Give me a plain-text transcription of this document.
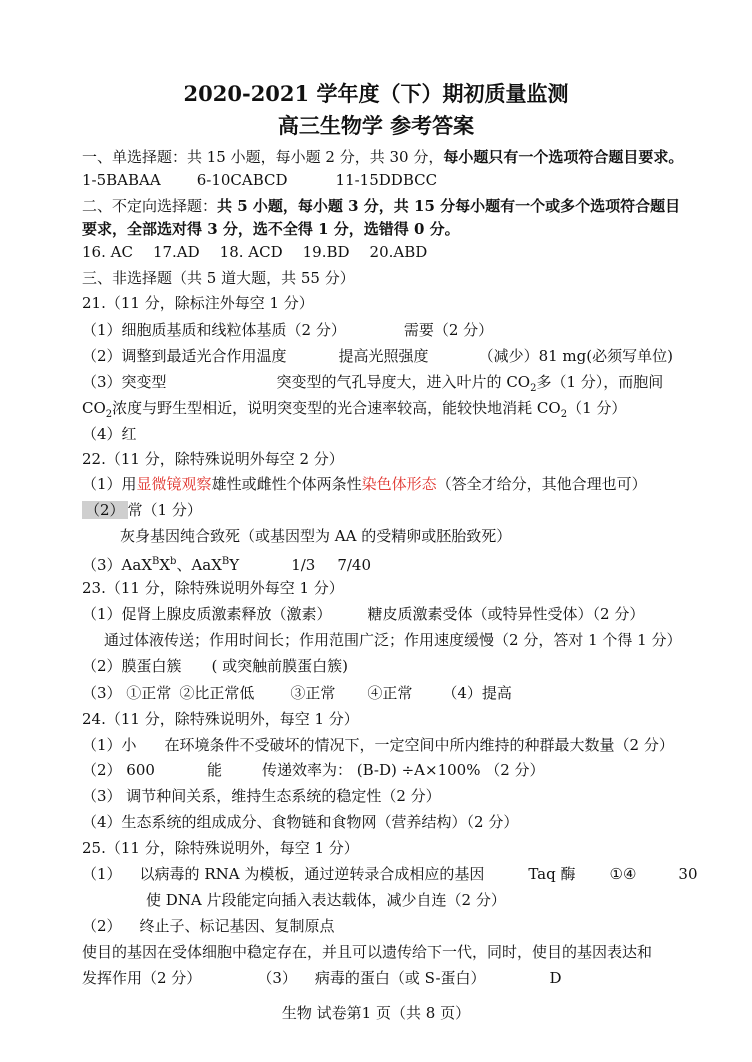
2020-2021 学年度（下）期初质量监测
高三生物学 参考答案
一、单选择题：共 15 小题，每小题 2 分，共 30 分，每小题只有一个选项符合题目要求。
1-5BABAA 6-10CABCD	11-15DDBCC
二、不定向选择题：共 5 小题，每小题 3 分，共 15 分每小题有一个或多个选项符合题目
要求，全部选对得 3 分，选不全得 1 分，选错得 0 分。
16. AC 17.AD 18. ACD 19.BD 20.ABD
三、非选择题（共 5 道大题，共 55 分）
21.（11 分，除标注外每空 1 分）
（1）细胞质基质和线粒体基质（2 分）	需要（2 分）
（2）调整到最适光合作用温度	提高光照强度	（减少）81 mg(必须写单位)
（3）突变型	突变型的气孔导度大，进入叶片的 $CO_2$多（1 分），而胞间
$CO_2$浓度与野生型相近，说明突变型的光合速率较高，能较快地消耗 $CO_2(1$ 分）
（4）红
22.（11 分，除特殊说明外每空 2 分）
（1）用显微镜观察雄性或雌性个体两条性染色体形态（答全才给分，其他合理也可）
（2） 常（1 分）
灰身基因纯合致死（或基因型为 AA 的受精卵或胚胎致死）
$(3)AaX^BX^b$、AaX$^B$Y	1/3 7/40
23.（11 分，除特殊说明外每空 1 分）
（1）促肾上腺皮质激素释放（激素） 糖皮质激素受体（或特异性受体）（2 分）
通过体液传送；作用时间长；作用范围广泛；作用速度缓慢（2 分，答对 1 个得 1 分）
（2）膜蛋白簇 ( 或突触前膜蛋白簇)
（3） ①正常 ②比正常低 ③正常 ④正常 （4）提高
24.（11 分，除特殊说明外，每空 1 分）
（1）小 在环境条件不受破坏的情况下，一定空间中所内维持的种群最大数量（2 分）
（2） 600	能	传递效率为： (B-D) ÷A×100% （2 分）
（3） 调节种间关系，维持生态系统的稳定性（2 分）
（4）生态系统的组成成分、食物链和食物网（营养结构）（2 分）
25.（11 分，除特殊说明外，每空 1 分）
（1） 以病毒的 RNA 为模板，通过逆转录合成相应的基因	Taq 酶 ①④	30
使 DNA 片段能定向插入表达载体，减少自连（2 分）
（2） 终止子、标记基因、复制原点
使目的基因在受体细胞中稳定存在，并且可以遗传给下一代，同时，使目的基因表达和
发挥作用（2 分）	（3） 病毒的蛋白（或 S-蛋白）	D
生物 试卷第1 页（共 8 页）
